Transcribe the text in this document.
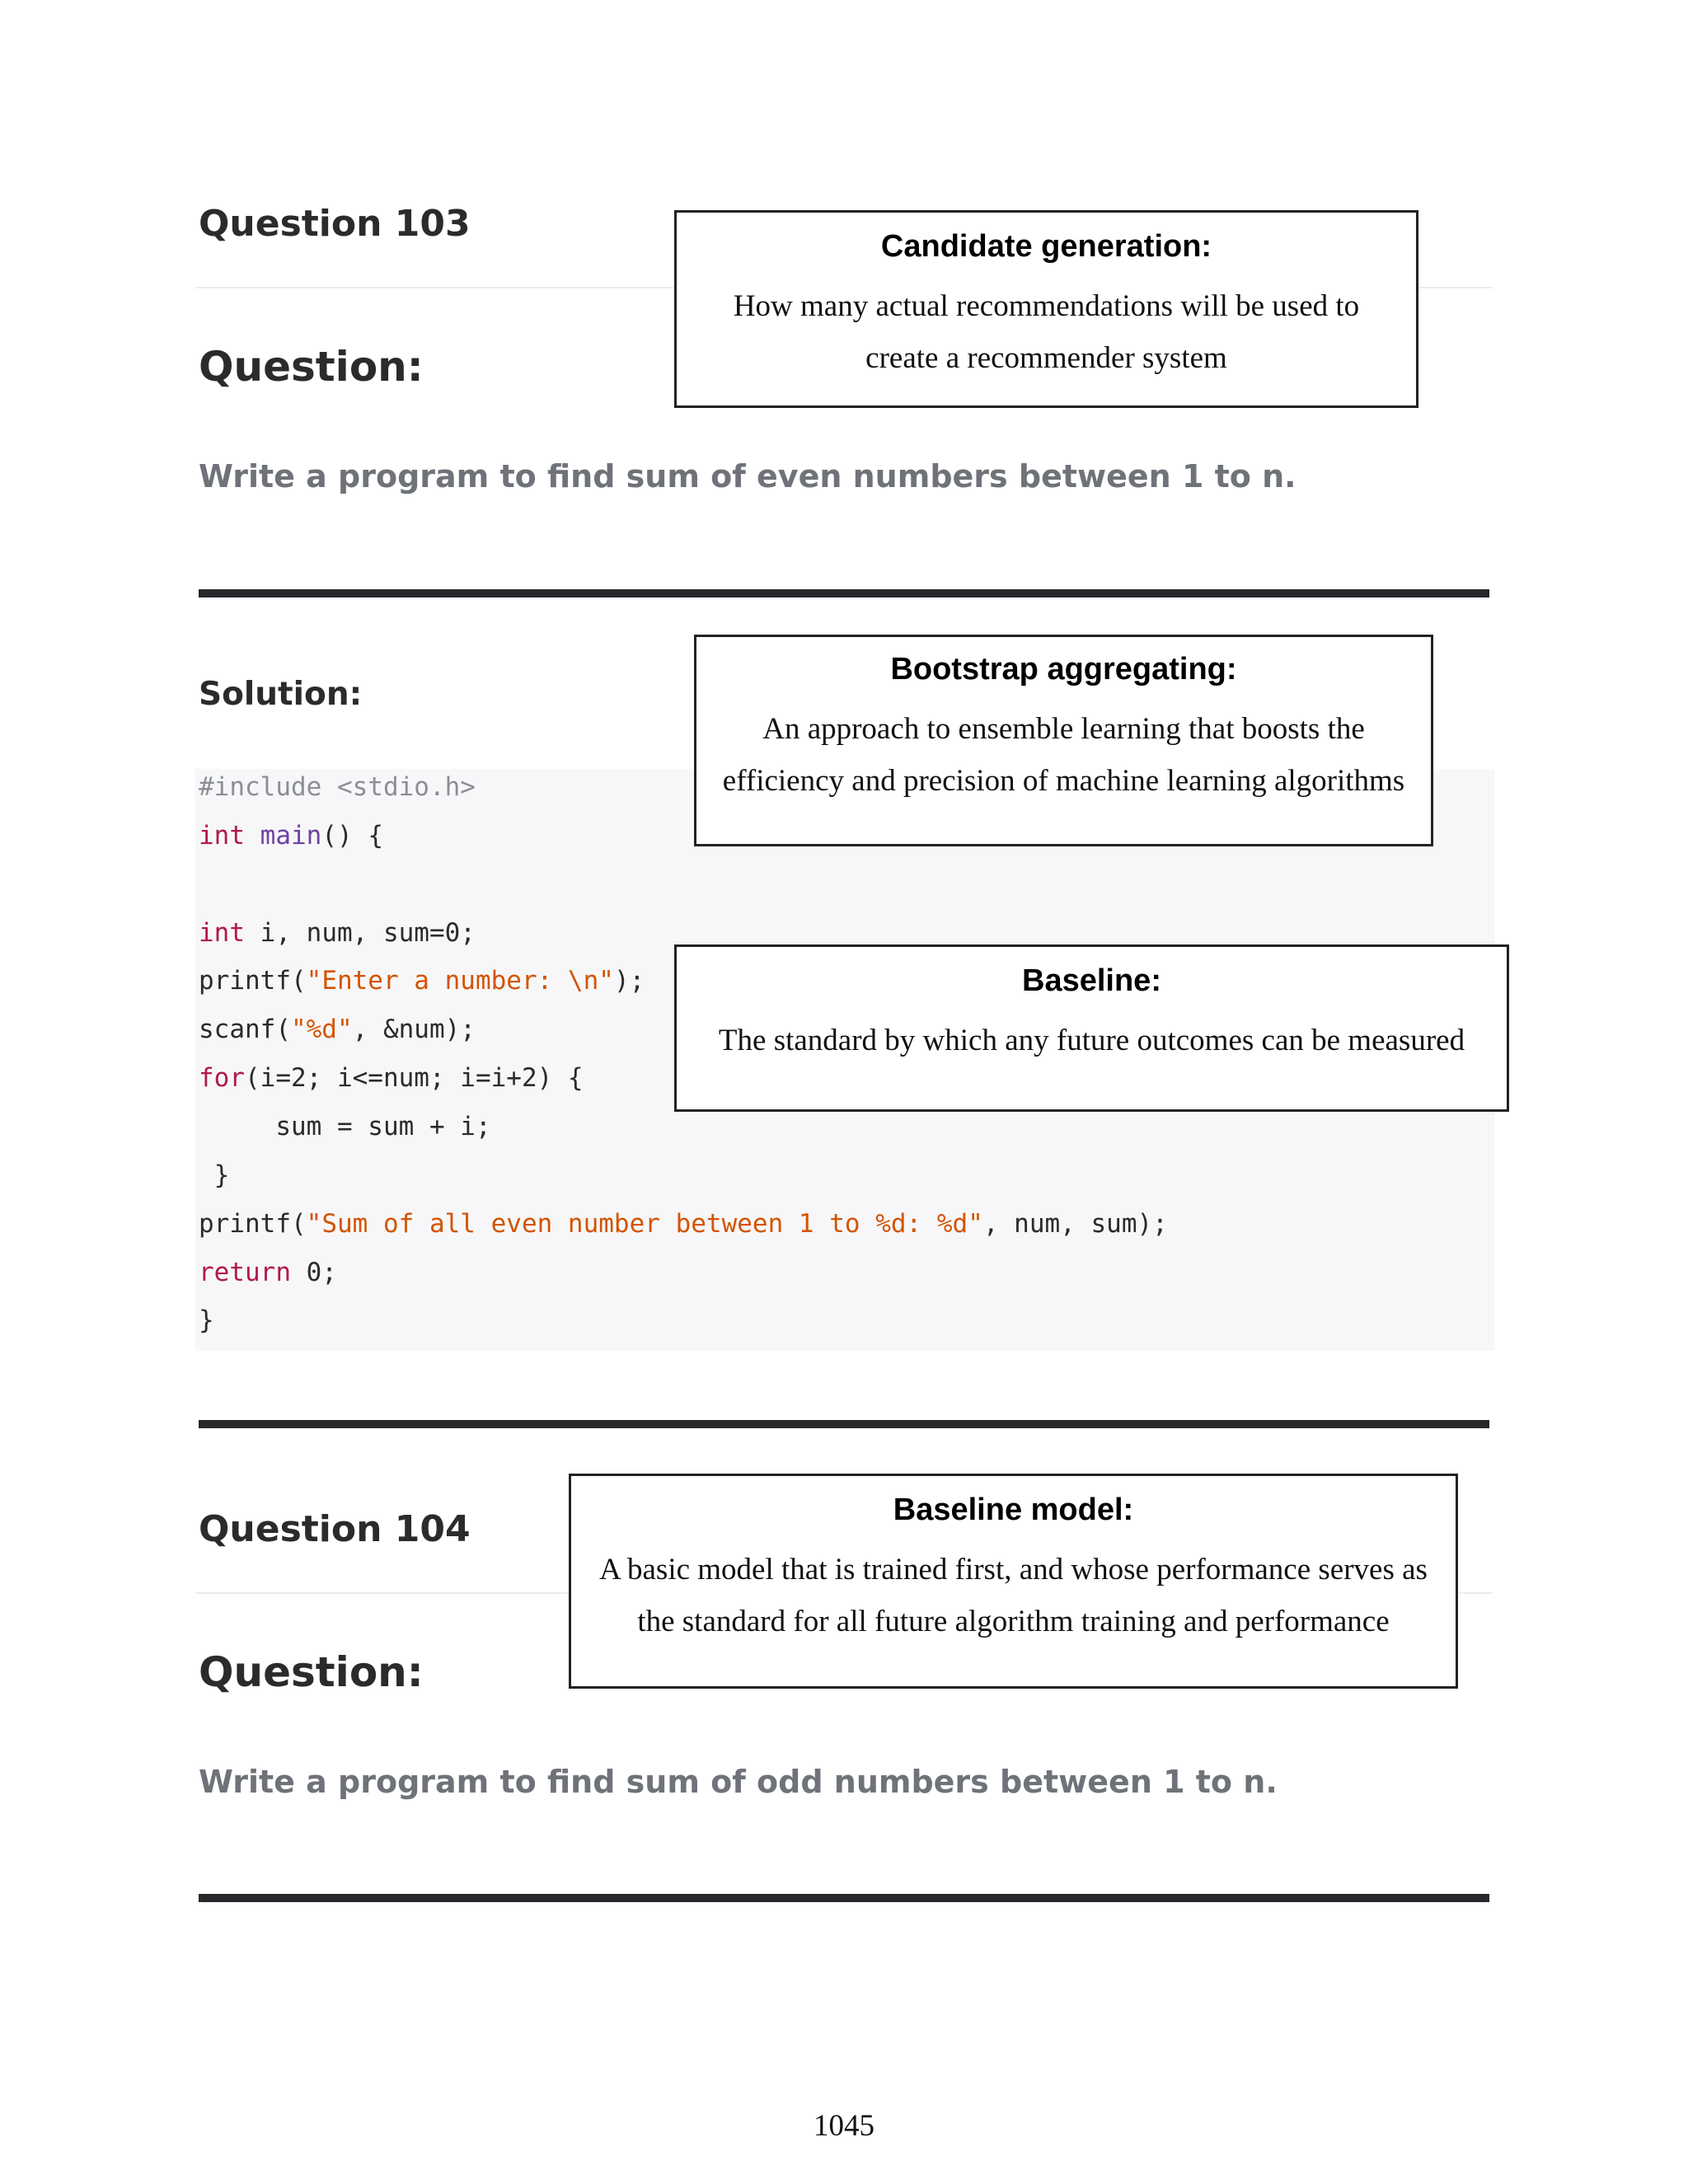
Question 103
Question:

Write a program to find sum of even numbers between 1 to n.

Solution:
#include <stdio.h>
int main() {
int i, num, sum=0;
printf("Enter a number: \n");
scanf("%d", &num);
for(i=2; i<=num; i=i+2) {
sum = sum + i;
}
printf("Sum of all even number between 1 to %d: %d", num, sum);
return 0;
}
Question 104
Question:

Write a program to find sum of odd numbers between 1 to n.

Candidate generation:

How many actual recommendations will be used to

create a recommender system

Bootstrap aggregating:

An approach to ensemble learning that boosts the

efficiency and precision of machine learning algorithms

Baseline:

The standard by which any future outcomes can be measured

Baseline model:

A basic model that is trained first, and whose performance serves as

the standard for all future algorithm training and performance

1045
